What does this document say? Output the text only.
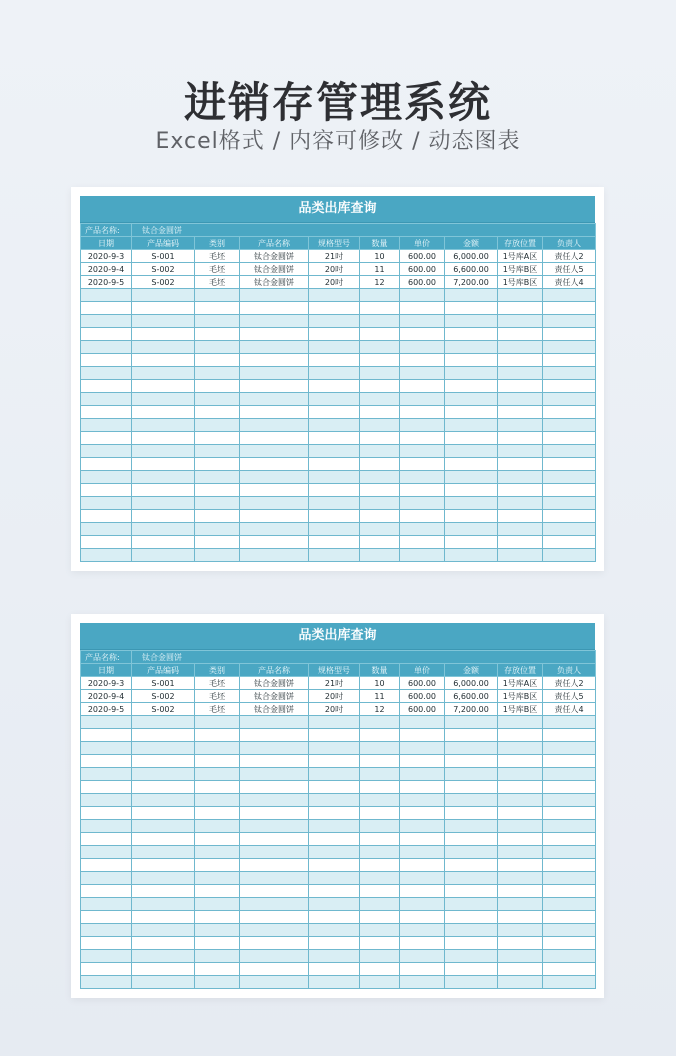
进销存管理系统
Excel格式 / 内容可修改 / 动态图表
品类出库查询
产品名称:	钛合金圆饼								
日期	产品编码	类别	产品名称	规格型号	数量	单价	金额	存放位置	负责人
2020-9-3	S-001	毛坯	钛合金圆饼	21吋	10	600.00	6,000.00	1号库A区	责任人2
2020-9-4	S-002	毛坯	钛合金圆饼	20吋	11	600.00	6,600.00	1号库B区	责任人5
2020-9-5	S-002	毛坯	钛合金圆饼	20吋	12	600.00	7,200.00	1号库B区	责任人4

品类出库查询
产品名称:	钛合金圆饼								
日期	产品编码	类别	产品名称	规格型号	数量	单价	金额	存放位置	负责人
2020-9-3	S-001	毛坯	钛合金圆饼	21吋	10	600.00	6,000.00	1号库A区	责任人2
2020-9-4	S-002	毛坯	钛合金圆饼	20吋	11	600.00	6,600.00	1号库B区	责任人5
2020-9-5	S-002	毛坯	钛合金圆饼	20吋	12	600.00	7,200.00	1号库B区	责任人4
